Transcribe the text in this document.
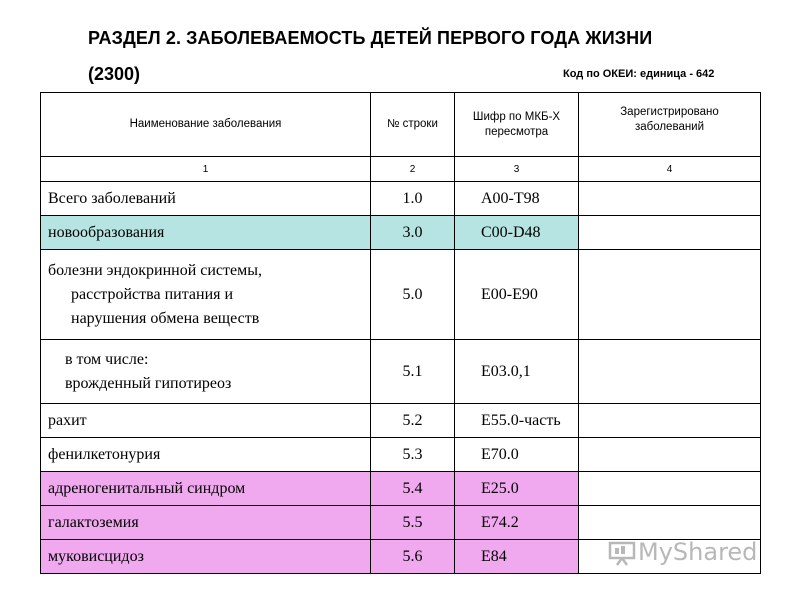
РАЗДЕЛ 2. ЗАБОЛЕВАЕМОСТЬ ДЕТЕЙ ПЕРВОГО ГОДА ЖИЗНИ
(2300)	Код по ОКЕИ: единица - 642
Наименование заболевания	№ строки	Шифр по МКБ-Х пересмотра	Зарегистрировано заболеваний
1	2	3	4
Всего заболеваний	1.0	A00-T98	
новообразования	3.0	C00-D48	

болезни эндокринной системы,
расстройства питания и
нарушения обмена веществ	5.0	E00-E90	

в том числе:
врожденный гипотиреоз	5.1	E03.0,1	
рахит	5.2	E55.0-часть	
фенилкетонурия	5.3	E70.0	
адреногенитальный синдром	5.4	E25.0	
галактоземия	5.5	E74.2	
муковисцидоз	5.6	E84		MyShared
